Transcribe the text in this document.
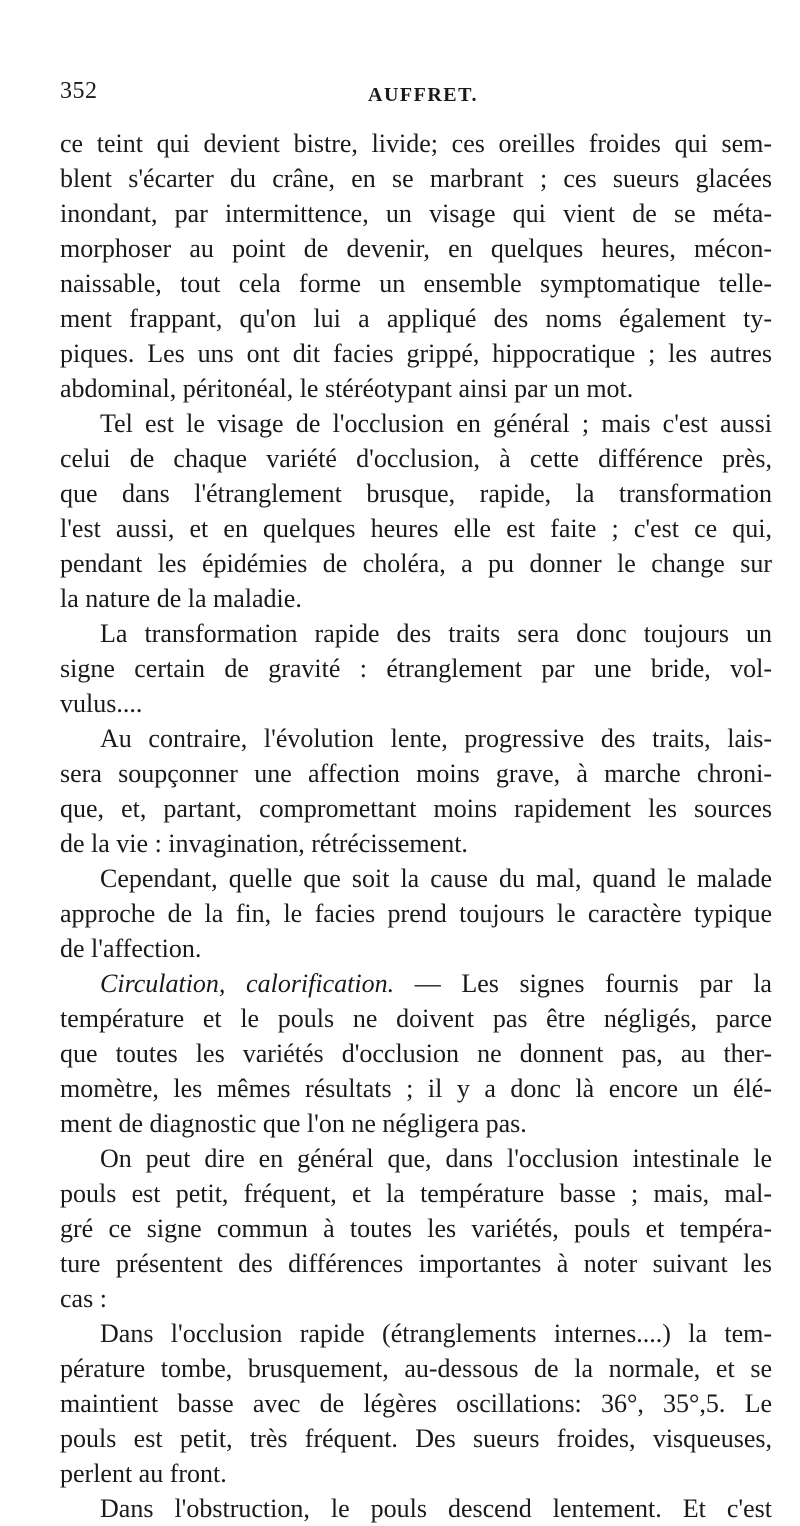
352	AUFFRET.
ce teint qui devient bistre, livide; ces oreilles froides qui sem-
blent s'écarter du crâne, en se marbrant ; ces sueurs glacées
inondant, par intermittence, un visage qui vient de se méta-
morphoser au point de devenir, en quelques heures, mécon-
naissable, tout cela forme un ensemble symptomatique telle-
ment frappant, qu'on lui a appliqué des noms également ty-
piques. Les uns ont dit facies grippé, hippocratique ; les autres
abdominal, péritonéal, le stéréotypant ainsi par un mot.
Tel est le visage de l'occlusion en général ; mais c'est aussi
celui de chaque variété d'occlusion, à cette différence près,
que dans l'étranglement brusque, rapide, la transformation
l'est aussi, et en quelques heures elle est faite ; c'est ce qui,
pendant les épidémies de choléra, a pu donner le change sur
la nature de la maladie.
La transformation rapide des traits sera donc toujours un
signe certain de gravité : étranglement par une bride, vol-
vulus....
Au contraire, l'évolution lente, progressive des traits, lais-
sera soupçonner une affection moins grave, à marche chroni-
que, et, partant, compromettant moins rapidement les sources
de la vie : invagination, rétrécissement.
Cependant, quelle que soit la cause du mal, quand le malade
approche de la fin, le facies prend toujours le caractère typique
de l'affection.
Circulation, calorification. — Les signes fournis par la
température et le pouls ne doivent pas être négligés, parce
que toutes les variétés d'occlusion ne donnent pas, au ther-
momètre, les mêmes résultats ; il y a donc là encore un élé-
ment de diagnostic que l'on ne négligera pas.
On peut dire en général que, dans l'occlusion intestinale le
pouls est petit, fréquent, et la température basse ; mais, mal-
gré ce signe commun à toutes les variétés, pouls et tempéra-
ture présentent des différences importantes à noter suivant les
cas :
Dans l'occlusion rapide (étranglements internes....) la tem-
pérature tombe, brusquement, au-dessous de la normale, et se
maintient basse avec de légères oscillations: 36°, 35°,5. Le
pouls est petit, très fréquent. Des sueurs froides, visqueuses,
perlent au front.
Dans l'obstruction, le pouls descend lentement. Et c'est
